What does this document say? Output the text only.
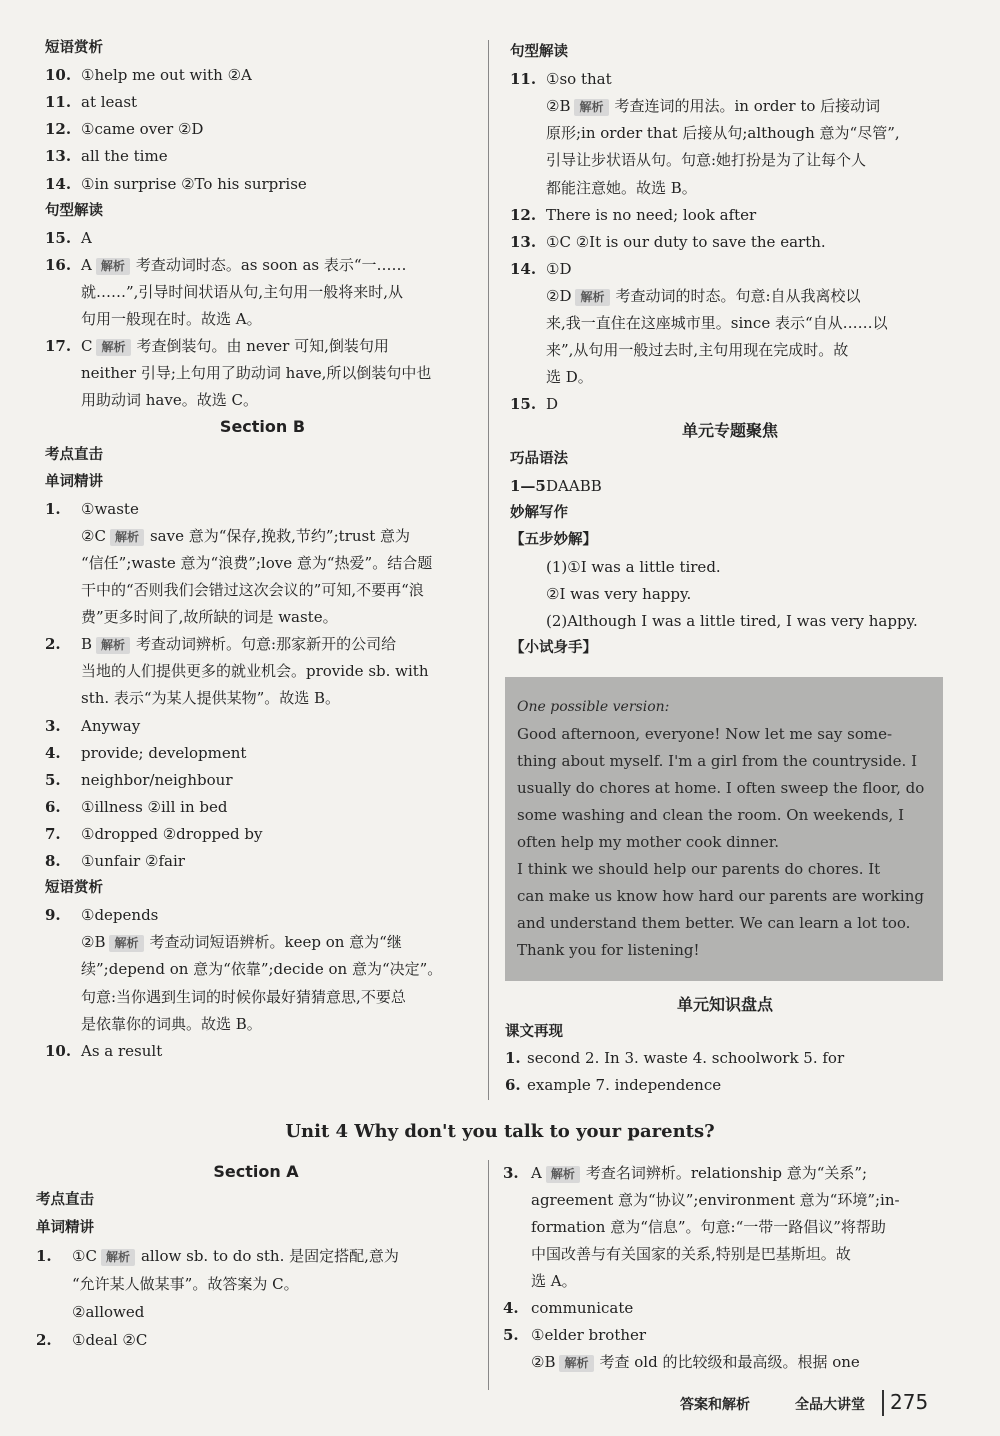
短语赏析
10. ①help me out with ②A
11. at least
12. ①came over ②D
13. all the time
14. ①in surprise ②To his surprise
句型解读
15. A
16. A 解析 考查动词时态。as soon as 表示“一……
就……”,引导时间状语从句,主句用一般将来时,从
句用一般现在时。故选 A。
17. C 解析 考查倒装句。由 never 可知,倒装句用
neither 引导;上句用了助动词 have,所以倒装句中也
用助动词 have。故选 C。
Section B
考点直击
单词精讲
1. ①waste
②C 解析 save 意为“保存,挽救,节约”;trust 意为
“信任”;waste 意为“浪费”;love 意为“热爱”。结合题
干中的“否则我们会错过这次会议的”可知,不要再“浪
费”更多时间了,故所缺的词是 waste。
2. B 解析 考查动词辨析。句意:那家新开的公司给
当地的人们提供更多的就业机会。provide sb. with
sth. 表示“为某人提供某物”。故选 B。
3. Anyway
4. provide; development
5. neighbor/neighbour
6. ①illness ②ill in bed
7. ①dropped ②dropped by
8. ①unfair ②fair
短语赏析
9. ①depends
②B 解析 考查动词短语辨析。keep on 意为“继
续”;depend on 意为“依靠”;decide on 意为“决定”。
句意:当你遇到生词的时候你最好猜猜意思,不要总
是依靠你的词典。故选 B。
10. As a result
句型解读
11. ①so that
②B 解析 考查连词的用法。in order to 后接动词
原形;in order that 后接从句;although 意为“尽管”,
引导让步状语从句。句意:她打扮是为了让每个人
都能注意她。故选 B。
12. There is no need; look after
13. ①C ②It is our duty to save the earth.
14. ①D
②D 解析 考查动词的时态。句意:自从我离校以
来,我一直住在这座城市里。since 表示“自从……以
来”,从句用一般过去时,主句用现在完成时。故
选 D。
15. D
单元专题聚焦
巧品语法
1—5DAABB
妙解写作
【五步妙解】
(1)①I was a little tired.
②I was very happy.
(2)Although I was a little tired, I was very happy.
【小试身手】
One possible version:
Good afternoon, everyone! Now let me say some-
thing about myself. I'm a girl from the countryside. I
usually do chores at home. I often sweep the floor, do
some washing and clean the room. On weekends, I
often help my mother cook dinner.
I think we should help our parents do chores. It
can make us know how hard our parents are working
and understand them better. We can learn a lot too.
Thank you for listening!
单元知识盘点
课文再现
1. second 2. In 3. waste 4. schoolwork 5. for
6. example 7. independence
Unit 4 Why don't you talk to your parents?
Section A
考点直击
单词精讲
1. ①C 解析 allow sb. to do sth. 是固定搭配,意为
“允许某人做某事”。故答案为 C。
②allowed
2. ①deal ②C
3. A 解析 考查名词辨析。relationship 意为“关系”;
agreement 意为“协议”;environment 意为“环境”;in-
formation 意为“信息”。句意:“一带一路倡议”将帮助
中国改善与有关国家的关系,特别是巴基斯坦。故
选 A。
4. communicate
5. ①elder brother
②B 解析 考查 old 的比较级和最高级。根据 one
答案和解析	全品大讲堂 275
